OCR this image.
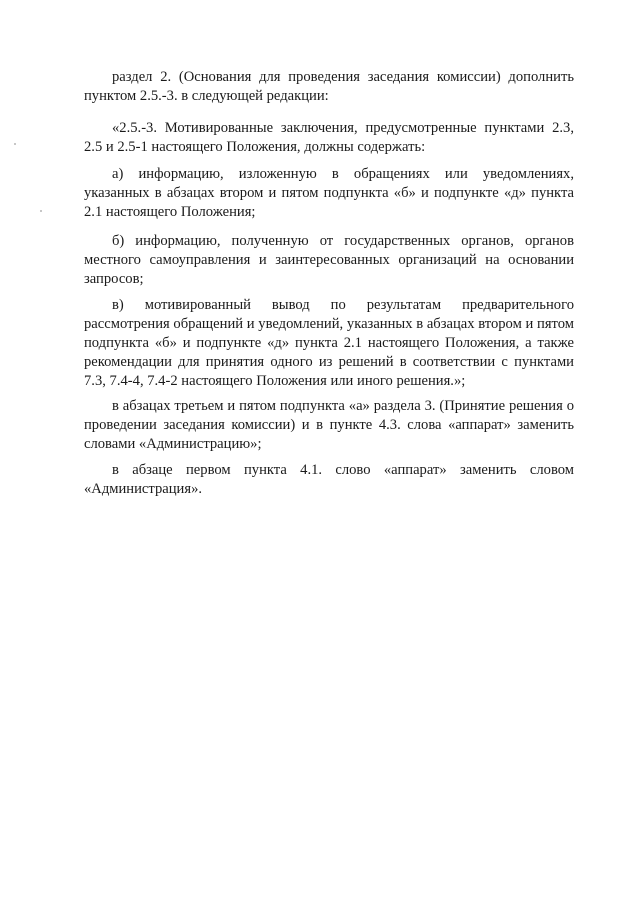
раздел 2. (Основания для проведения заседания комиссии) дополнить пунктом 2.5.-3. в следующей редакции:

«2.5.-3. Мотивированные заключения, предусмотренные пунктами 2.3, 2.5 и 2.5-1 настоящего Положения, должны содержать:

а) информацию, изложенную в обращениях или уведомлениях, указанных в абзацах втором и пятом подпункта «б» и подпункте «д» пункта 2.1 настоящего Положения;

б) информацию, полученную от государственных органов, органов местного самоуправления и заинтересованных организаций на основании запросов;

в) мотивированный вывод по результатам предварительного рассмотрения обращений и уведомлений, указанных в абзацах втором и пятом подпункта «б» и подпункте «д» пункта 2.1 настоящего Положения, а также рекомендации для принятия одного из решений в соответствии с пунктами 7.3, 7.4-4, 7.4-2 настоящего Положения или иного решения.»;

в абзацах третьем и пятом подпункта «а» раздела 3. (Принятие решения о проведении заседания комиссии) и в пункте 4.3. слова «аппарат» заменить словами «Администрацию»;

в абзаце первом пункта 4.1. слово «аппарат» заменить словом «Администрация».
